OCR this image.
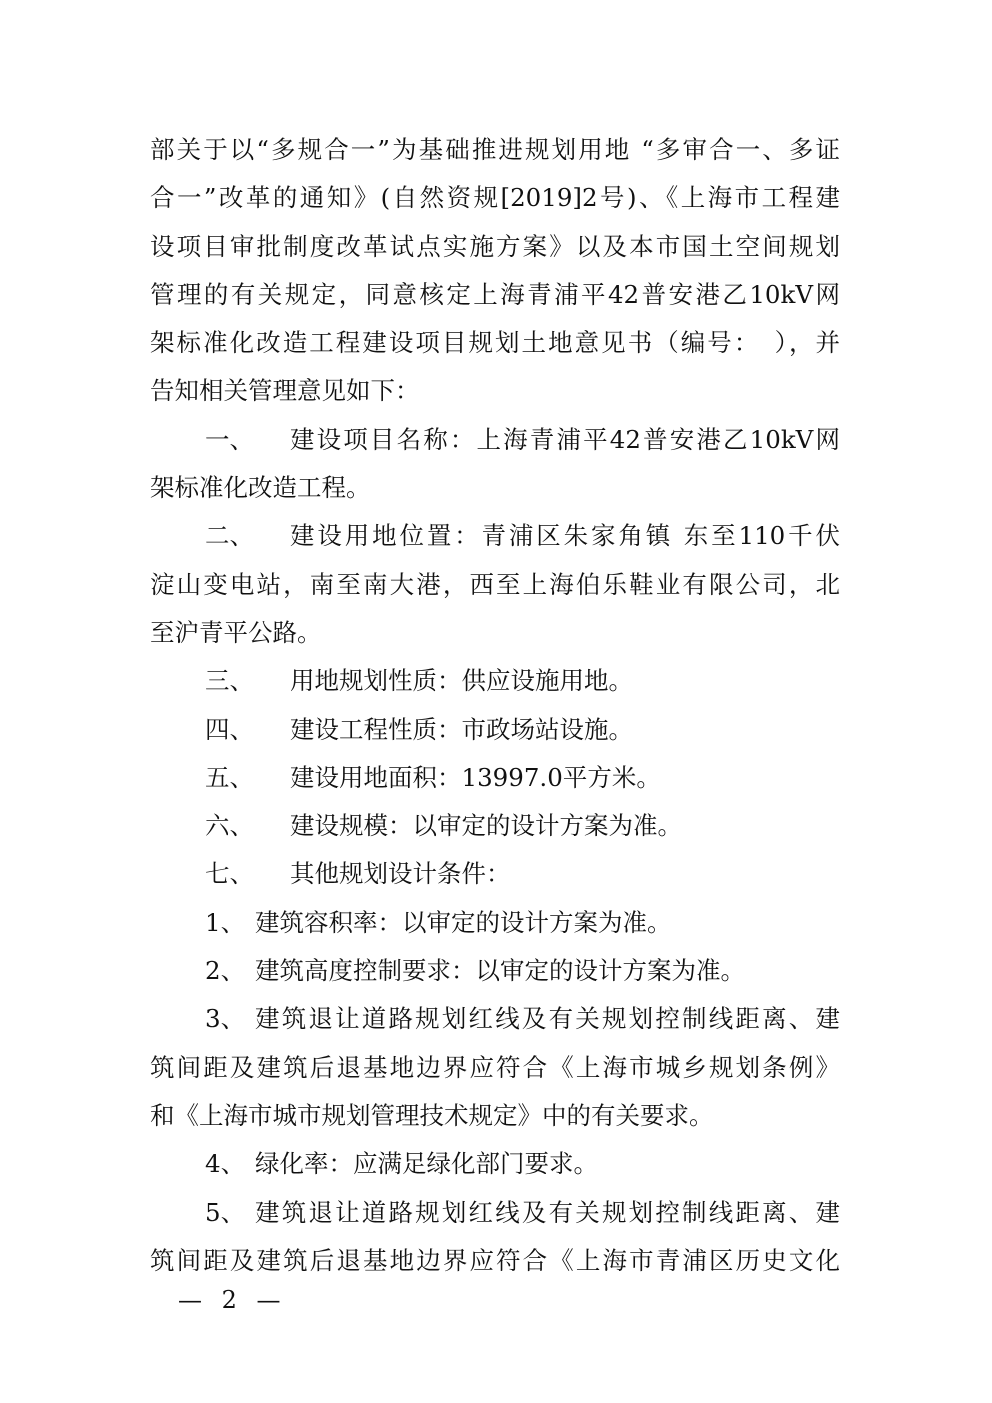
部关于以“多规合一”为基础推进规划用地 “多审合一、多证
合一”改革的通知》(自然资规[2019]2号)、《上海市工程建
设项目审批制度改革试点实施方案》以及本市国土空间规划
管理的有关规定，同意核定上海青浦平42普安港乙10kV网
架标准化改造工程建设项目规划土地意见书（编号：　），并
告知相关管理意见如下：
一、	建设项目名称：上海青浦平42普安港乙10kV网
架标准化改造工程。
二、	建设用地位置：青浦区朱家角镇 东至110千伏
淀山变电站，南至南大港，西至上海伯乐鞋业有限公司，北
至沪青平公路。
三、	用地规划性质：供应设施用地。
四、	建设工程性质：市政场站设施。
五、	建设用地面积：13997.0平方米。
六、	建设规模：以审定的设计方案为准。
七、	其他规划设计条件：
1、 建筑容积率：以审定的设计方案为准。
2、 建筑高度控制要求：以审定的设计方案为准。
3、 建筑退让道路规划红线及有关规划控制线距离、建
筑间距及建筑后退基地边界应符合《上海市城乡规划条例》
和《上海市城市规划管理技术规定》中的有关要求。
4、 绿化率：应满足绿化部门要求。
5、 建筑退让道路规划红线及有关规划控制线距离、建
筑间距及建筑后退基地边界应符合《上海市青浦区历史文化
— 2 —
